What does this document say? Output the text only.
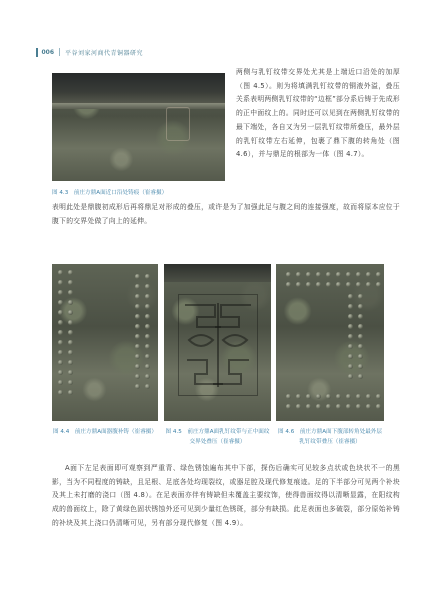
006 平谷刘家河商代青铜器研究
图 4.3　前庄方鼎A面近口沿处铸痕（崔睿摄）
两侧与乳钉纹带交界处尤其是上端近口沿处的加厚（图 4.5）。则为将填满乳钉纹带的铜液外溢，叠压关系表明两侧乳钉纹带的“边框”部分系后铸于先成形的正中面纹上的。同时还可以见到在两侧乳钉纹带的最下端处，各自又为另一层乳钉纹带所叠压，最外层的乳钉纹带左右延伸，包裹了鼎下腹的转角处（图 4.6），并与鼎足的根部为一体（图 4.7）。
表明此处是鼎腹初成形后再将鼎足对形成的叠压，或许是为了加强此足与腹之间的连接强度，故而将原本应位于腹下的交界处做了向上的延伸。
图 4.4　前庄方鼎A面器腹补铸（崔睿摄） 图 4.5　前庄方鼎A面乳钉纹带与正中面纹交界处叠压（崔睿摄）
图 4.6　前庄方鼎A面下腹部转角处最外层乳钉纹带叠压（崔睿摄）
A面下左足表面即可观察到严重青、绿色锈蚀遍布其中下部，探伤后确实可见较多点状或色块状不一的黑影，当为不同程度的铸缺，且足根、足底各处均现裂纹，或器足腔及现代修复痕迹。足的下半部分可见两个补块及其上未打磨的浇口（图 4.8）。在足表面亦伴有铸缺但未覆盖主要纹饰，使得兽面纹得以清晰显露，在阳纹构成的兽面纹上，除了黄绿色固状锈蚀外还可见到少量红色锈斑，部分有缺损。此足表面也多破裂，部分原始补铸的补块及其上浇口仍清晰可见，另有部分现代修复（图 4.9）。
